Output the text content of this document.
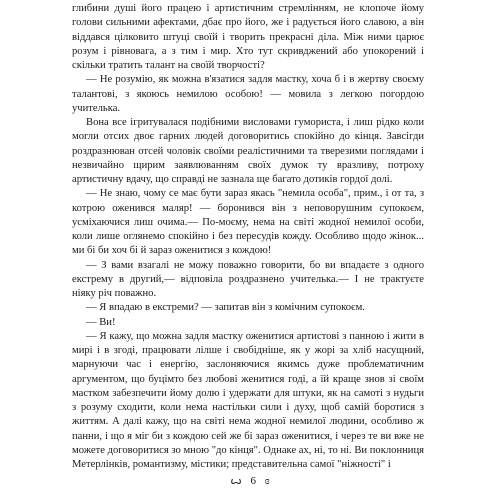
глибини душі його працею і артистичним стремлінням, не клопоче йому голови сильними афектами, дбає про його, же і радується його славою, а він віддався цілковито штуці своїй і творить прекрасні діла. Між ними царює розум і рівновага, а з тим і мир. Хто тут скривджений або упокорений і скільки тратить талант на своїй творчості?

— Не розумію, як можна в'язатися задля мастку, хоча б і в жертву своєму талантові, з якоюсь немилою особою! — мовила з легкою погордою учителька.

Вона все ігритувалася подібними висловами гумориста, і лиш рідко коли могли отсих двоє гарних людей договоритись спокійно до кінця. Завсігди роздразнюван отсей чоловік своїми реалістичними та тверезими поглядами і незвичайно щирим заявлюванням своїх думок ту вразливу, потроху артистичну вдачу, що справді не зазнала ще багато дотиків гордої долі.

— Не знаю, чому се має бути зараз якась "немила особа", прим., і от та, з котрою оженився маляр! — боронився він з неповорушним супокоєм, усміхаючися лиш очима.— По-моєму, нема на світі жодної немилої особи, коли лише оглянемо спокійно і без пересудів кожду. Особливо щодо жінок... ми бі би хоч бі й зараз оженитися з кождою!

— З вами взагалі не можу поважно говорити, бо ви впадаєте з одного екстрему в другий,— відповіла роздразнено учителька.— І не трактуєте ніяку річ поважно.

— Я впадаю в екстреми? — запитав він з комічним супокоєм.

— Ви!

— Я кажу, що можна задля мастку оженитися артистові з панною і жити в мирі і в згоді, працювати лілше і свобідніше, як у жорі за хліб насущний, марнуючи час і енергію, заслоняючися якимсь дуже проблематичним аргументом, що буцімто без любові женитися годі, а їй краще знов зі своїм мастком забезпечити йому долю і удержати для штуки, як на самоті з нудьги з розуму сходити, коли нема настільки сили і духу, щоб самій боротися з життям. А далі кажу, що на світі нема жодної немилої людини, особливо ж панни, і що я міг би з кождою сей же бі зараз оженитися, і через те ви вже не можете договоритися зо мною "до кінця". Однаке ах, ні, то ні. Ви поклонниця Метерлінків, романтизму, містики; представительна самої "ніжності" і

ꙍ 6 ɞ
